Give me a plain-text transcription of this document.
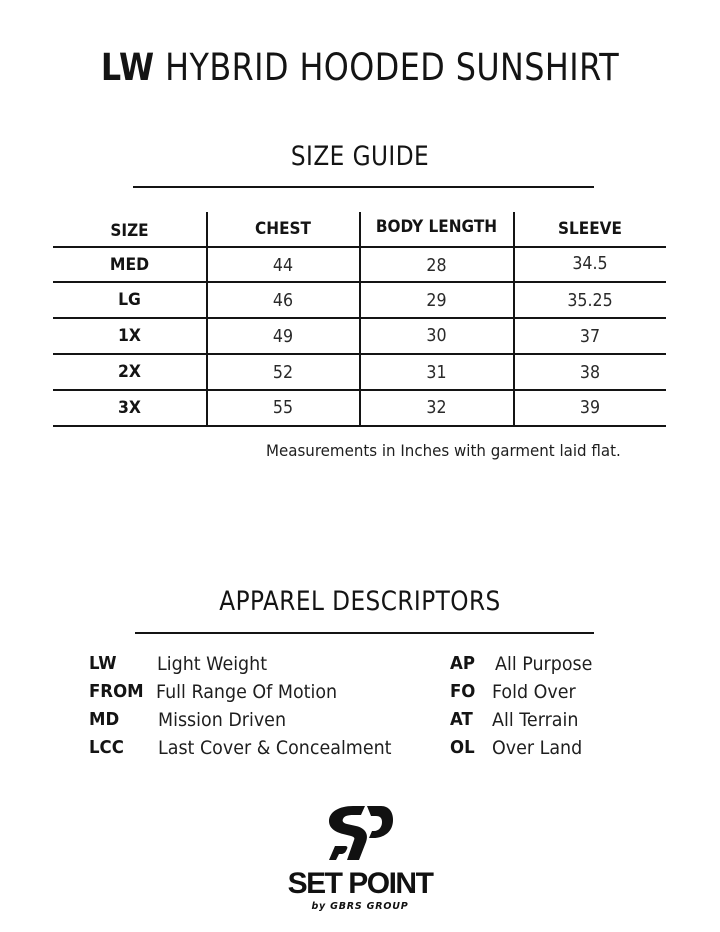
LW HYBRID HOODED SUNSHIRT
SIZE GUIDE
SIZE	CHEST	BODY LENGTH	SLEEVE
MED	44	28	34.5
LG	46	29	35.25
1X	49	30	37
2X	52	31	38
3X	55	32	39
Measurements in Inches with garment laid flat.
APPAREL DESCRIPTORS
LW Light Weight
FROM Full Range Of Motion
MD Mission Driven
LCC Last Cover & Concealment
AP All Purpose
FO Fold Over
AT All Terrain
OL Over Land
SET POINT
by GBRS GROUP
